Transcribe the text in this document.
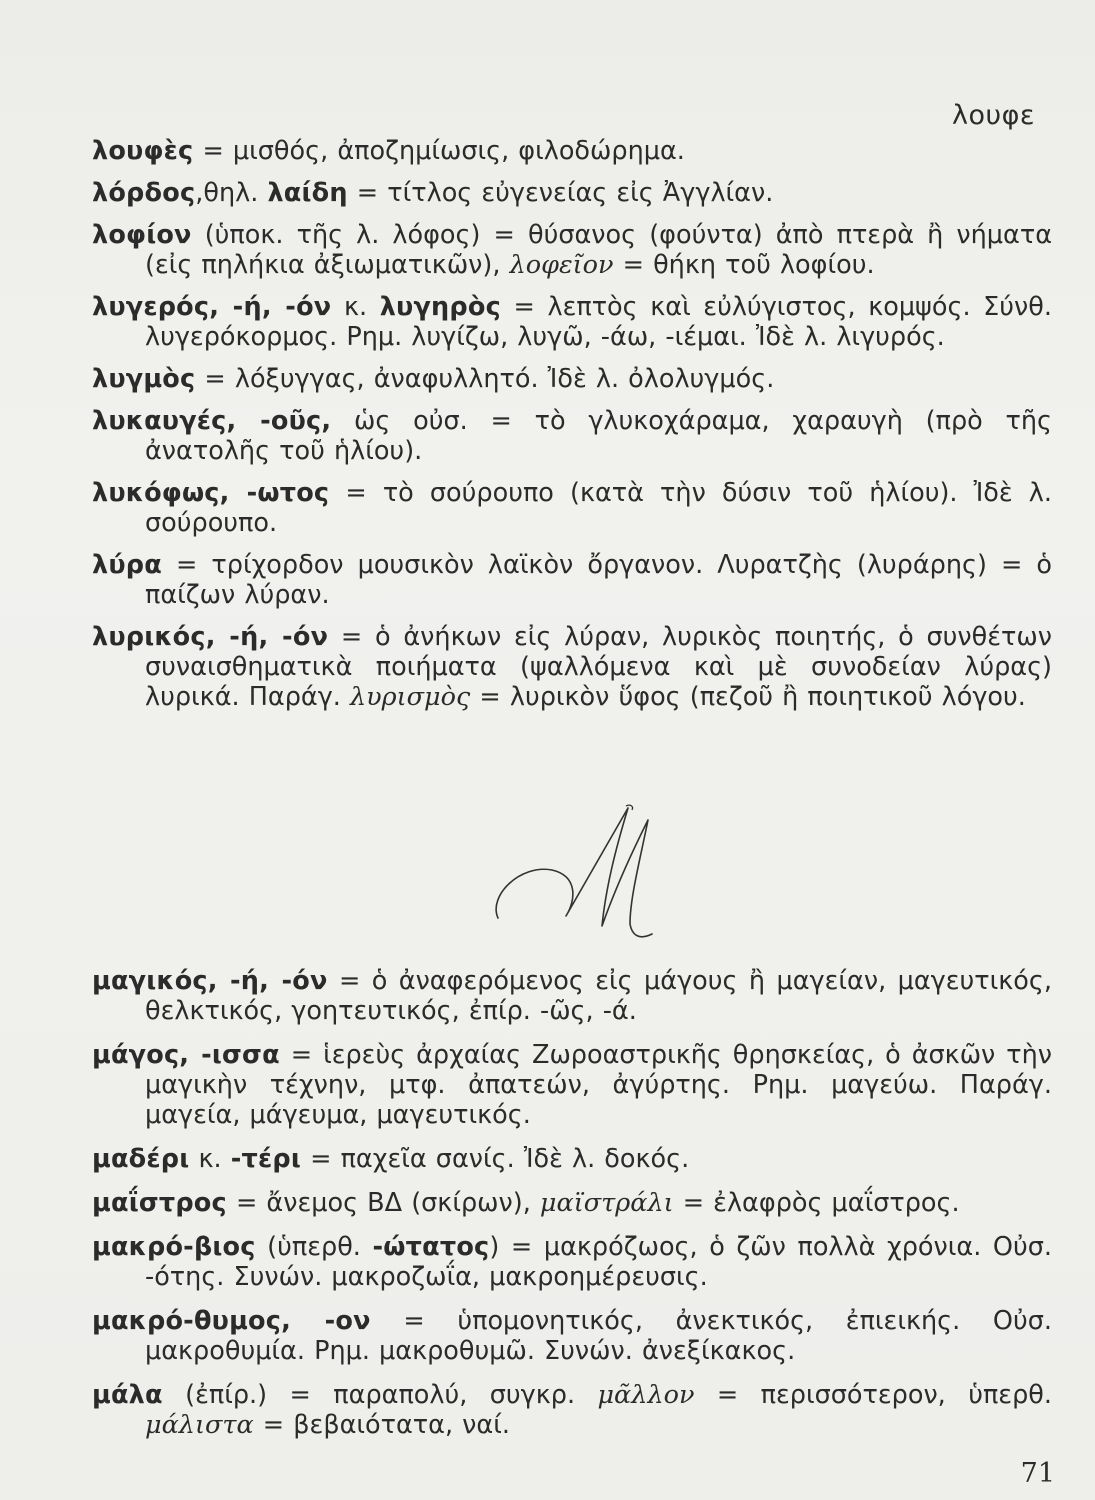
λουφε
λουφὲς = μισθός, ἀποζημίωσις, φιλοδώρημα.
λόρδος,θηλ. λαίδη = τίτλος εὐγενείας εἰς Ἀγγλίαν.
λοφίον (ὑποκ. τῆς λ. λόφος) = θύσανος (φούντα) ἀπὸ πτερὰ ἢ νήματα (εἰς πηλήκια ἀξιωματικῶν), λοφεῖον = θήκη τοῦ λοφίου.
λυγερός, -ή, -όν κ. λυγηρὸς = λεπτὸς καὶ εὐλύγιστος, κομψός. Σύνθ. λυγερόκορμος. Ρημ. λυγίζω, λυγῶ, -άω, -ιέμαι. Ἰδὲ λ. λιγυρός.
λυγμὸς = λόξυγγας, ἀναφυλλητό. Ἰδὲ λ. ὀλολυγμός.
λυκαυγές, -οῦς, ὡς οὐσ. = τὸ γλυκοχάραμα, χαραυγὴ (πρὸ τῆς ἀνατολῆς τοῦ ἡλίου).
λυκόφως, -ωτος = τὸ σούρουπο (κατὰ τὴν δύσιν τοῦ ἡλίου). Ἰδὲ λ. σούρουπο.
λύρα = τρίχορδον μουσικὸν λαϊκὸν ὄργανον. Λυρατζὴς (λυράρης) = ὁ παίζων λύραν.
λυρικός, -ή, -όν = ὁ ἀνήκων εἰς λύραν, λυρικὸς ποιητής, ὁ συνθέτων συναισθηματικὰ ποιήματα (ψαλλόμενα καὶ μὲ συνοδείαν λύρας) λυρικά. Παράγ. λυρισμὸς = λυρικὸν ὕφος (πεζοῦ ἢ ποιητικοῦ λόγου.
μαγικός, -ή, -όν = ὁ ἀναφερόμενος εἰς μάγους ἢ μαγείαν, μαγευτικός, θελκτικός, γοητευτικός, ἐπίρ. -ῶς, -ά.
μάγος, -ισσα = ἱερεὺς ἀρχαίας Ζωροαστρικῆς θρησκείας, ὁ ἀσκῶν τὴν μαγικὴν τέχνην, μτφ. ἀπατεών, ἀγύρτης. Ρημ. μαγεύω. Παράγ. μαγεία, μάγευμα, μαγευτικός.
μαδέρι κ. -τέρι = παχεῖα σανίς. Ἰδὲ λ. δοκός.
μαΐστρος = ἄνεμος ΒΔ (σκίρων), μαϊστράλι = ἐλαφρὸς μαΐστρος.
μακρό-βιος (ὑπερθ. -ώτατος) = μακρόζωος, ὁ ζῶν πολλὰ χρόνια. Οὐσ. -ότης. Συνών. μακροζωΐα, μακροημέρευσις.
μακρό-θυμος, -ον = ὑπομονητικός, ἀνεκτικός, ἐπιεικής. Οὐσ. μακροθυμία. Ρημ. μακροθυμῶ. Συνών. ἀνεξίκακος.
μάλα (ἐπίρ.) = παραπολύ, συγκρ. μᾶλλον = περισσότερον, ὑπερθ. μάλιστα = βεβαιότατα, ναί.
71
